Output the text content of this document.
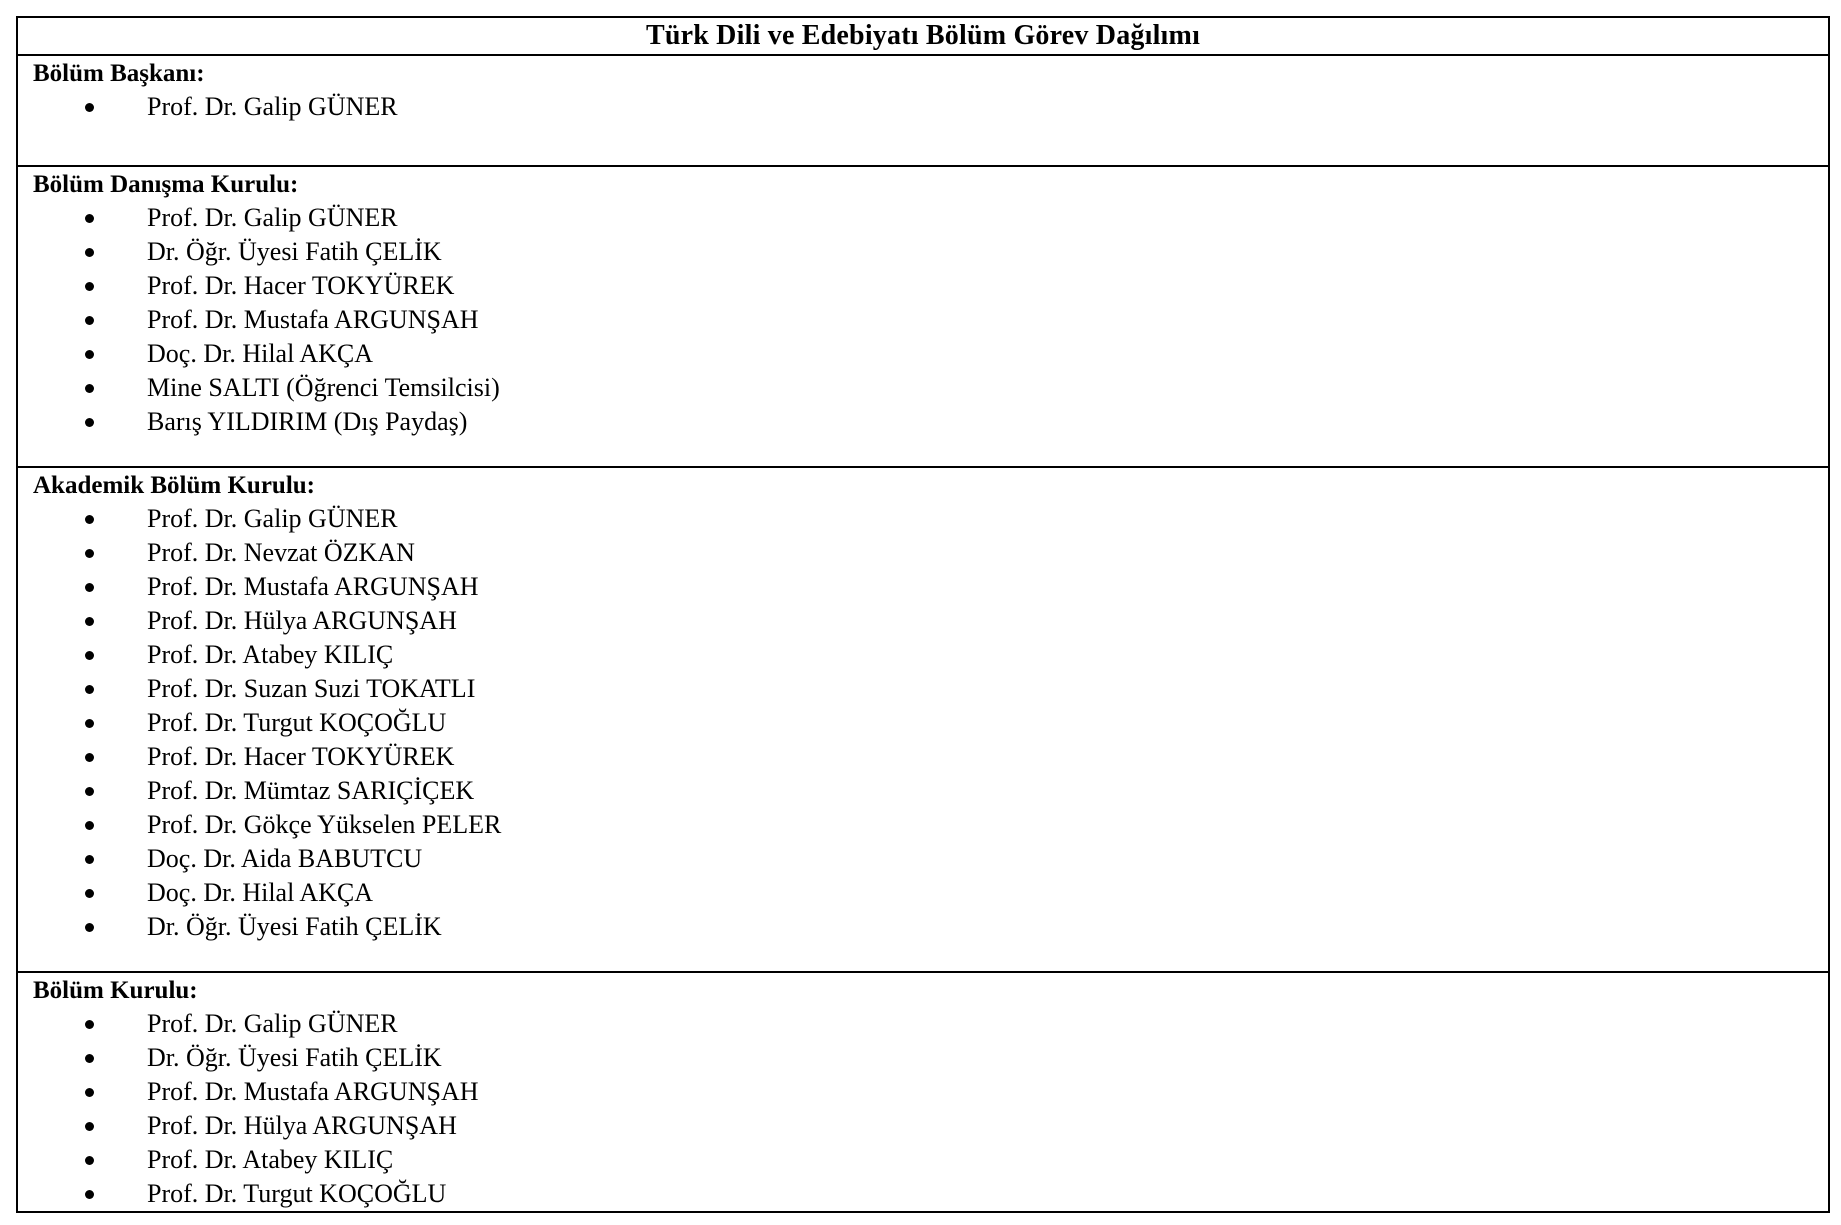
Türk Dili ve Edebiyatı Bölüm Görev Dağılımı
Bölüm Başkanı:
Prof. Dr. Galip GÜNER
Bölüm Danışma Kurulu:
Prof. Dr. Galip GÜNER
Dr. Öğr. Üyesi Fatih ÇELİK
Prof. Dr. Hacer TOKYÜREK
Prof. Dr. Mustafa ARGUNŞAH
Doç. Dr. Hilal AKÇA
Mine SALTI (Öğrenci Temsilcisi)
Barış YILDIRIM (Dış Paydaş)
Akademik Bölüm Kurulu:
Prof. Dr. Galip GÜNER
Prof. Dr. Nevzat ÖZKAN
Prof. Dr. Mustafa ARGUNŞAH
Prof. Dr. Hülya ARGUNŞAH
Prof. Dr. Atabey KILIÇ
Prof. Dr. Suzan Suzi TOKATLI
Prof. Dr. Turgut KOÇOĞLU
Prof. Dr. Hacer TOKYÜREK
Prof. Dr. Mümtaz SARIÇİÇEK
Prof. Dr. Gökçe Yükselen PELER
Doç. Dr. Aida BABUTCU
Doç. Dr. Hilal AKÇA
Dr. Öğr. Üyesi Fatih ÇELİK
Bölüm Kurulu:
Prof. Dr. Galip GÜNER
Dr. Öğr. Üyesi Fatih ÇELİK
Prof. Dr. Mustafa ARGUNŞAH
Prof. Dr. Hülya ARGUNŞAH
Prof. Dr. Atabey KILIÇ
Prof. Dr. Turgut KOÇOĞLU
